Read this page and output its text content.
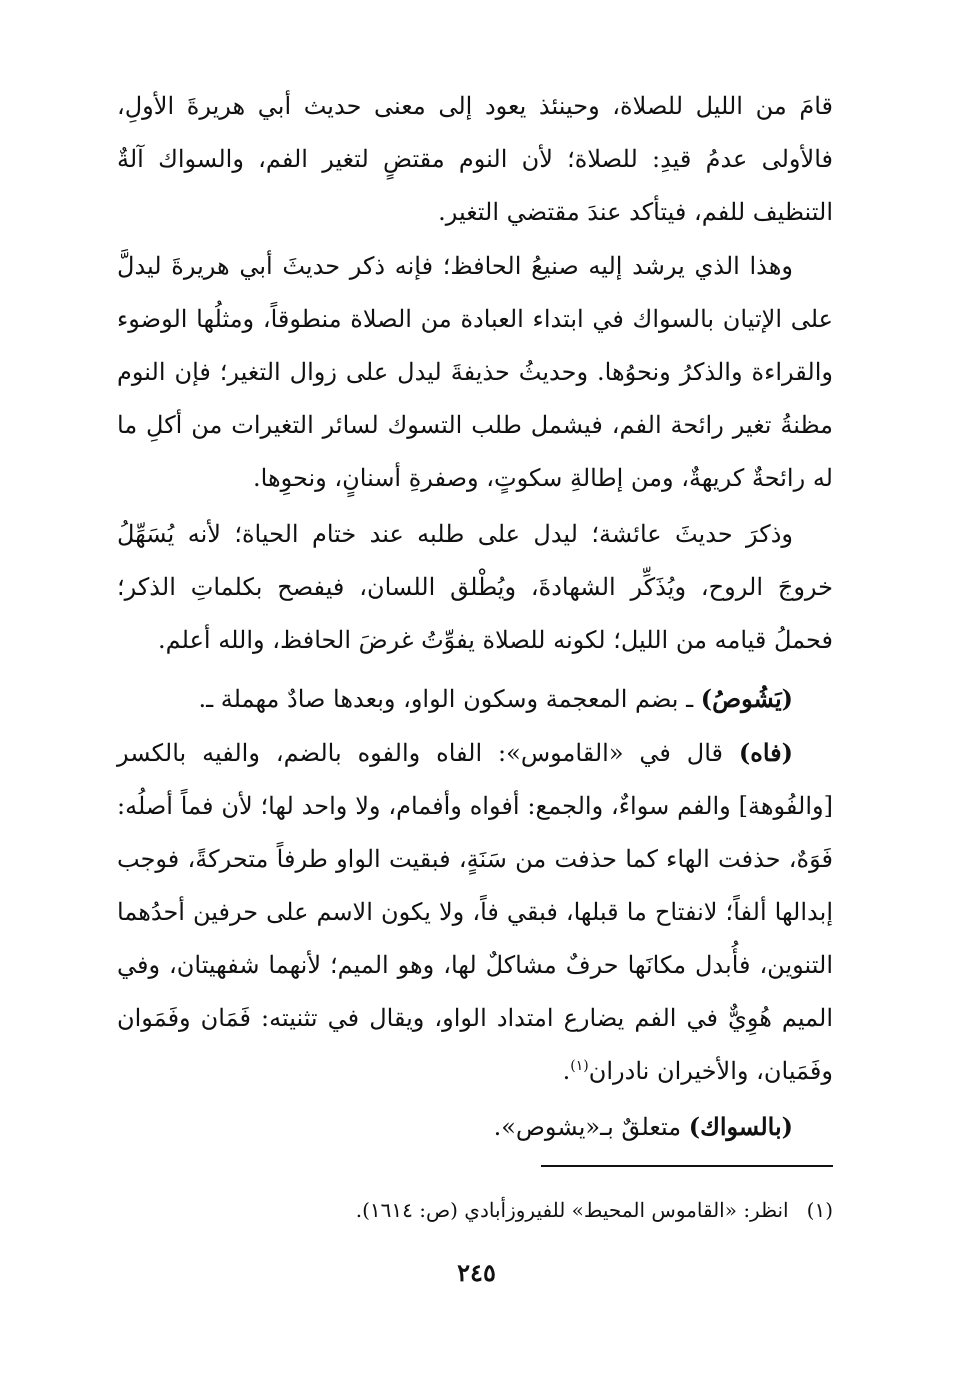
قامَ من الليل للصلاة، وحينئذ يعود إلى معنى حديث أبي هريرةَ الأولِ، فالأولى عدمُ قيدِ: للصلاة؛ لأن النوم مقتضٍ لتغير الفم، والسواك آلةٌ التنظيف للفم، فيتأكد عندَ مقتضي التغير.

وهذا الذي يرشد إليه صنيعُ الحافظ؛ فإنه ذكر حديثَ أبي هريرةَ ليدلَّ على الإتيان بالسواك في ابتداء العبادة من الصلاة منطوقاً، ومثلُها الوضوء والقراءة والذكرُ ونحوُها. وحديثُ حذيفةَ ليدل على زوال التغير؛ فإن النوم مظنةُ تغير رائحة الفم، فيشمل طلب التسوك لسائر التغيرات من أكلِ ما له رائحةٌ كريهةٌ، ومن إطالةِ سكوتٍ، وصفرةِ أسنانٍ، ونحوِها.

وذكرَ حديثَ عائشة؛ ليدل على طلبه عند ختام الحياة؛ لأنه يُسَهِّلُ خروجَ الروح، ويُذَكِّر الشهادةَ، ويُطْلق اللسان، فيفصح بكلماتِ الذكر؛ فحملُ قيامه من الليل؛ لكونه للصلاة يفوِّتُ غرضَ الحافظ، والله أعلم.

(يَشُوصُ) ـ بضم المعجمة وسكون الواو، وبعدها صادٌ مهملة ـ.

(فاه) قال في «القاموس»: الفاه والفوه بالضم، والفيه بالكسر [والفُوهة] والفم سواءٌ، والجمع: أفواه وأفمام، ولا واحد لها؛ لأن فماً أصلُه: فَوَهٌ، حذفت الهاء كما حذفت من سَنَةٍ، فبقيت الواو طرفاً متحركةً، فوجب إبدالها ألفاً؛ لانفتاح ما قبلها، فبقي فاً، ولا يكون الاسم على حرفين أحدُهما التنوين، فأُبدل مكانَها حرفٌ مشاكلٌ لها، وهو الميم؛ لأنهما شفهيتان، وفي الميم هُوِيٌّ في الفم يضارع امتداد الواو، ويقال في تثنيته: فَمَان وفَمَوان وفَمَيان، والأخيران نادران$^{(١)}$.

(بالسواك) متعلقٌ بـ«يشوص».

(١)انظر: «القاموس المحيط» للفيروزأبادي (ص: ١٦١٤).
٢٤٥
